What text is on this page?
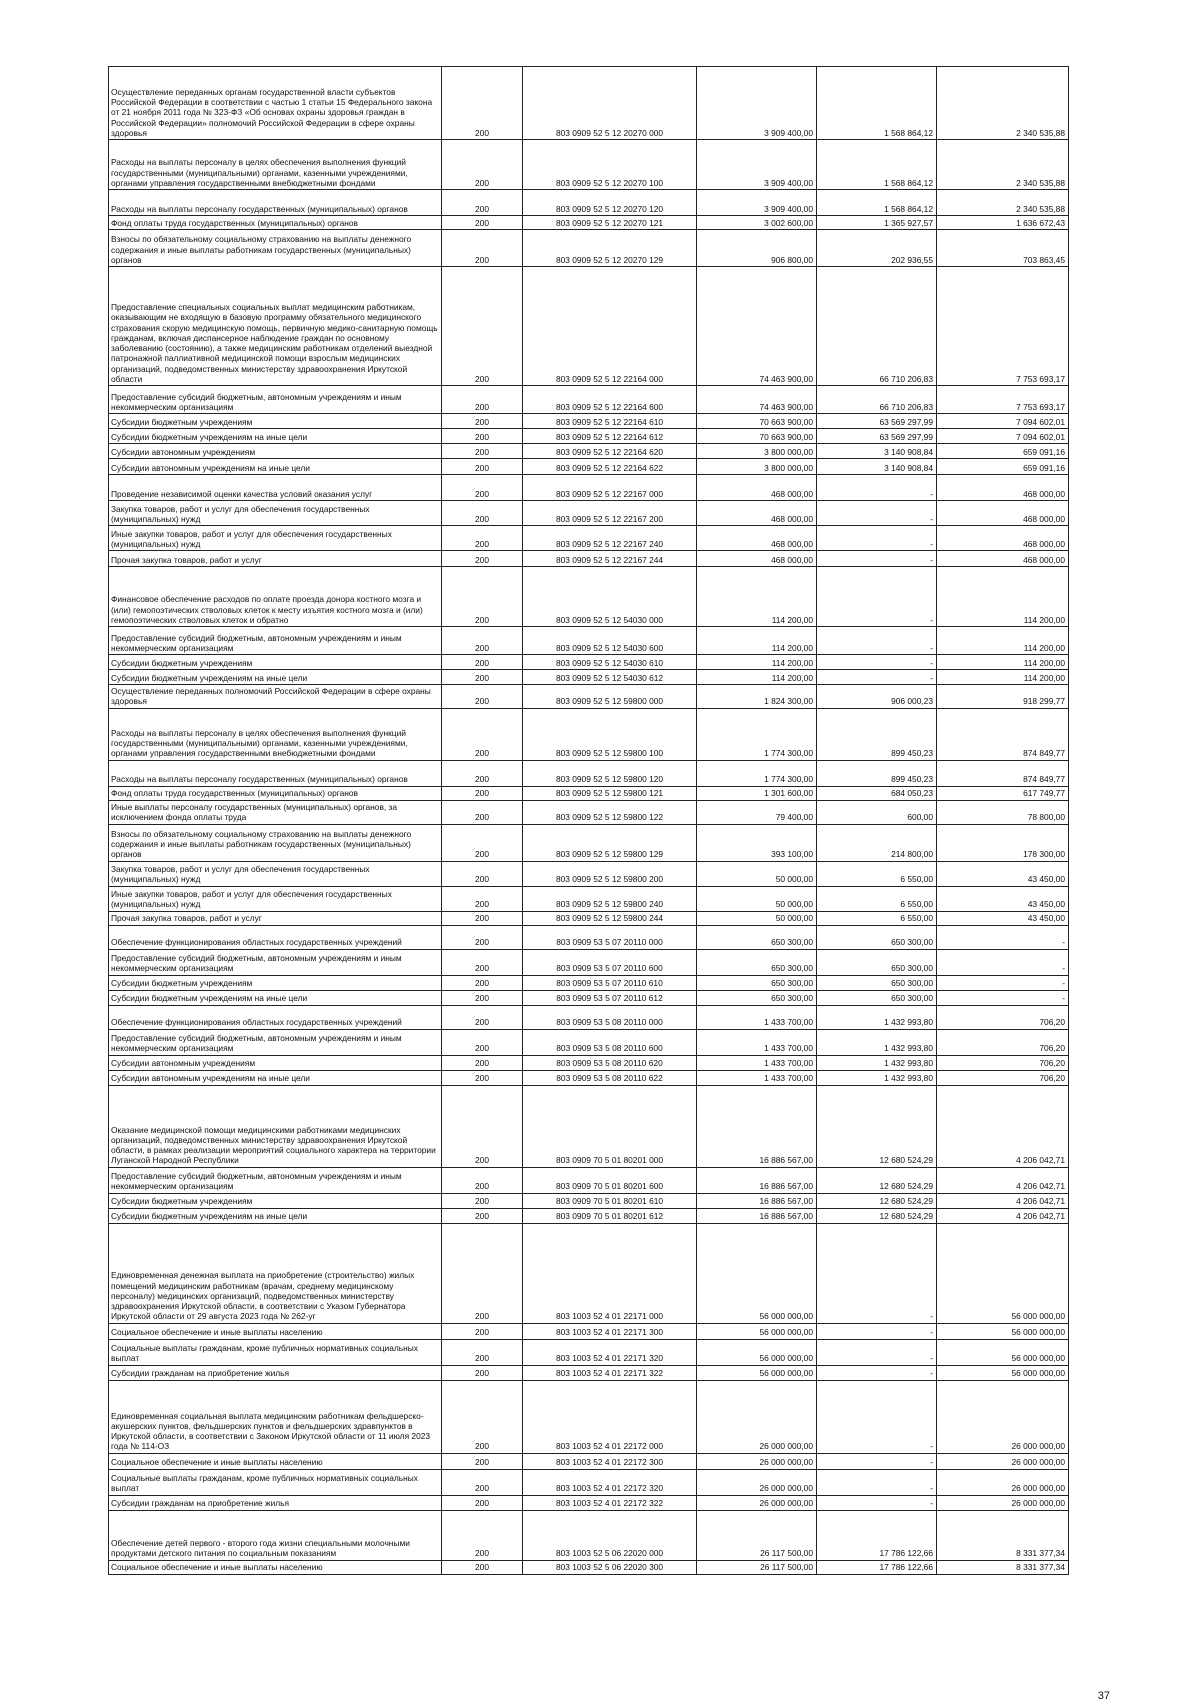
Осуществление переданных органам государственной власти субъектов Российской Федерации в соответствии с частью 1 статьи 15 Федерального закона от 21 ноября 2011 года № 323-ФЗ «Об основах охраны здоровья граждан в Российской Федерации» полномочий Российской Федерации в сфере охраны здоровья	200	803 0909 52 5 12 20270 000	3 909 400,00	1 568 864,12	2 340 535,88
Расходы на выплаты персоналу в целях обеспечения выполнения функций государственными (муниципальными) органами, казенными учреждениями, органами управления государственными внебюджетными фондами	200	803 0909 52 5 12 20270 100	3 909 400,00	1 568 864,12	2 340 535,88
Расходы на выплаты персоналу государственных (муниципальных) органов	200	803 0909 52 5 12 20270 120	3 909 400,00	1 568 864,12	2 340 535,88
Фонд оплаты труда государственных (муниципальных) органов	200	803 0909 52 5 12 20270 121	3 002 600,00	1 365 927,57	1 636 672,43
Взносы по обязательному социальному страхованию на выплаты денежного содержания и иные выплаты работникам государственных (муниципальных) органов	200	803 0909 52 5 12 20270 129	906 800,00	202 936,55	703 863,45
Предоставление специальных социальных выплат медицинским работникам, оказывающим не входящую в базовую программу обязательного медицинского страхования скорую медицинскую помощь, первичную медико-санитарную помощь гражданам, включая диспансерное наблюдение граждан по основному заболеванию (состоянию), а также медицинским работникам отделений выездной патронажной паллиативной медицинской помощи взрослым медицинских организаций, подведомственных министерству здравоохранения Иркутской области	200	803 0909 52 5 12 22164 000	74 463 900,00	66 710 206,83	7 753 693,17
Предоставление субсидий бюджетным, автономным учреждениям и иным некоммерческим организациям	200	803 0909 52 5 12 22164 600	74 463 900,00	66 710 206,83	7 753 693,17
Субсидии бюджетным учреждениям	200	803 0909 52 5 12 22164 610	70 663 900,00	63 569 297,99	7 094 602,01
Субсидии бюджетным учреждениям на иные цели	200	803 0909 52 5 12 22164 612	70 663 900,00	63 569 297,99	7 094 602,01
Субсидии автономным учреждениям	200	803 0909 52 5 12 22164 620	3 800 000,00	3 140 908,84	659 091,16
Субсидии автономным учреждениям на иные цели	200	803 0909 52 5 12 22164 622	3 800 000,00	3 140 908,84	659 091,16
Проведение независимой оценки качества условий оказания услуг	200	803 0909 52 5 12 22167 000	468 000,00	-	468 000,00
Закупка товаров, работ и услуг для обеспечения государственных (муниципальных) нужд	200	803 0909 52 5 12 22167 200	468 000,00	-	468 000,00
Иные закупки товаров, работ и услуг для обеспечения государственных (муниципальных) нужд	200	803 0909 52 5 12 22167 240	468 000,00	-	468 000,00
Прочая закупка товаров, работ и услуг	200	803 0909 52 5 12 22167 244	468 000,00	-	468 000,00
Финансовое обеспечение расходов по оплате проезда донора костного мозга и (или) гемопоэтических стволовых клеток к месту изъятия костного мозга и (или) гемопоэтических стволовых клеток и обратно	200	803 0909 52 5 12 54030 000	114 200,00	-	114 200,00
Предоставление субсидий бюджетным, автономным учреждениям и иным некоммерческим организациям	200	803 0909 52 5 12 54030 600	114 200,00	-	114 200,00
Субсидии бюджетным учреждениям	200	803 0909 52 5 12 54030 610	114 200,00	-	114 200,00
Субсидии бюджетным учреждениям на иные цели	200	803 0909 52 5 12 54030 612	114 200,00	-	114 200,00
Осуществление переданных полномочий Российской Федерации в сфере охраны здоровья	200	803 0909 52 5 12 59800 000	1 824 300,00	906 000,23	918 299,77
Расходы на выплаты персоналу в целях обеспечения выполнения функций государственными (муниципальными) органами, казенными учреждениями, органами управления государственными внебюджетными фондами	200	803 0909 52 5 12 59800 100	1 774 300,00	899 450,23	874 849,77
Расходы на выплаты персоналу государственных (муниципальных) органов	200	803 0909 52 5 12 59800 120	1 774 300,00	899 450,23	874 849,77
Фонд оплаты труда государственных (муниципальных) органов	200	803 0909 52 5 12 59800 121	1 301 600,00	684 050,23	617 749,77
Иные выплаты персоналу государственных (муниципальных) органов, за исключением фонда оплаты труда	200	803 0909 52 5 12 59800 122	79 400,00	600,00	78 800,00
Взносы по обязательному социальному страхованию на выплаты денежного содержания и иные выплаты работникам государственных (муниципальных) органов	200	803 0909 52 5 12 59800 129	393 100,00	214 800,00	178 300,00
Закупка товаров, работ и услуг для обеспечения государственных (муниципальных) нужд	200	803 0909 52 5 12 59800 200	50 000,00	6 550,00	43 450,00
Иные закупки товаров, работ и услуг для обеспечения государственных (муниципальных) нужд	200	803 0909 52 5 12 59800 240	50 000,00	6 550,00	43 450,00
Прочая закупка товаров, работ и услуг	200	803 0909 52 5 12 59800 244	50 000,00	6 550,00	43 450,00
Обеспечение функционирования областных государственных учреждений	200	803 0909 53 5 07 20110 000	650 300,00	650 300,00	-
Предоставление субсидий бюджетным, автономным учреждениям и иным некоммерческим организациям	200	803 0909 53 5 07 20110 600	650 300,00	650 300,00	-
Субсидии бюджетным учреждениям	200	803 0909 53 5 07 20110 610	650 300,00	650 300,00	-
Субсидии бюджетным учреждениям на иные цели	200	803 0909 53 5 07 20110 612	650 300,00	650 300,00	-
Обеспечение функционирования областных государственных учреждений	200	803 0909 53 5 08 20110 000	1 433 700,00	1 432 993,80	706,20
Предоставление субсидий бюджетным, автономным учреждениям и иным некоммерческим организациям	200	803 0909 53 5 08 20110 600	1 433 700,00	1 432 993,80	706,20
Субсидии автономным учреждениям	200	803 0909 53 5 08 20110 620	1 433 700,00	1 432 993,80	706,20
Субсидии автономным учреждениям на иные цели	200	803 0909 53 5 08 20110 622	1 433 700,00	1 432 993,80	706,20
Оказание медицинской помощи медицинскими работниками медицинских организаций, подведомственных министерству здравоохранения Иркутской области, в рамках реализации мероприятий социального характера на территории Луганской Народной Республики	200	803 0909 70 5 01 80201 000	16 886 567,00	12 680 524,29	4 206 042,71
Предоставление субсидий бюджетным, автономным учреждениям и иным некоммерческим организациям	200	803 0909 70 5 01 80201 600	16 886 567,00	12 680 524,29	4 206 042,71
Субсидии бюджетным учреждениям	200	803 0909 70 5 01 80201 610	16 886 567,00	12 680 524,29	4 206 042,71
Субсидии бюджетным учреждениям на иные цели	200	803 0909 70 5 01 80201 612	16 886 567,00	12 680 524,29	4 206 042,71
Единовременная денежная выплата на приобретение (строительство) жилых помещений медицинским работникам (врачам, среднему медицинскому персоналу) медицинских организаций, подведомственных министерству здравоохранения Иркутской области, в соответствии с Указом Губернатора Иркутской области от 29 августа 2023 года № 262-уг	200	803 1003 52 4 01 22171 000	56 000 000,00	-	56 000 000,00
Социальное обеспечение и иные выплаты населению	200	803 1003 52 4 01 22171 300	56 000 000,00	-	56 000 000,00
Социальные выплаты гражданам, кроме публичных нормативных социальных выплат	200	803 1003 52 4 01 22171 320	56 000 000,00	-	56 000 000,00
Субсидии гражданам на приобретение жилья	200	803 1003 52 4 01 22171 322	56 000 000,00	-	56 000 000,00
Единовременная социальная выплата медицинским работникам фельдшерско-акушерских пунктов, фельдшерских пунктов и фельдшерских здравпунктов в Иркутской области, в соответствии с Законом Иркутской области от 11 июля 2023 года № 114-ОЗ	200	803 1003 52 4 01 22172 000	26 000 000,00	-	26 000 000,00
Социальное обеспечение и иные выплаты населению	200	803 1003 52 4 01 22172 300	26 000 000,00	-	26 000 000,00
Социальные выплаты гражданам, кроме публичных нормативных социальных выплат	200	803 1003 52 4 01 22172 320	26 000 000,00	-	26 000 000,00
Субсидии гражданам на приобретение жилья	200	803 1003 52 4 01 22172 322	26 000 000,00	-	26 000 000,00
Обеспечение детей первого - второго года жизни специальными молочными продуктами детского питания по социальным показаниям	200	803 1003 52 5 06 22020 000	26 117 500,00	17 786 122,66	8 331 377,34
Социальное обеспечение и иные выплаты населению	200	803 1003 52 5 06 22020 300	26 117 500,00	17 786 122,66	8 331 377,34
37
